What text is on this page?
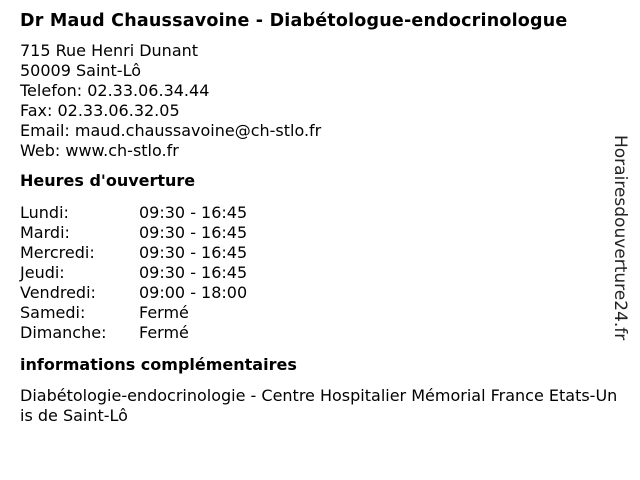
Dr Maud Chaussavoine - Diabétologue-endocrinologue
715 Rue Henri Dunant
50009 Saint-Lô
Telefon: 02.33.06.34.44
Fax: 02.33.06.32.05
Email: maud.chaussavoine@ch-stlo.fr
Web: www.ch-stlo.fr
Heures d'ouverture
Lundi:	09:30 - 16:45
Mardi:	09:30 - 16:45
Mercredi:	09:30 - 16:45
Jeudi:	09:30 - 16:45
Vendredi:	09:00 - 18:00
Samedi:	Fermé
Dimanche:	Fermé
informations complémentaires
Diabétologie-endocrinologie - Centre Hospitalier Mémorial France Etats-Unis de Saint-Lô
Horairesdouverture24.fr
